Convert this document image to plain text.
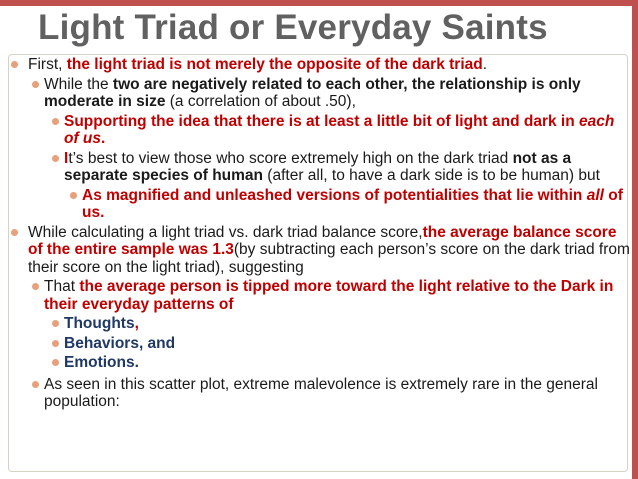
Light Triad or Everyday Saints
First, the light triad is not merely the opposite of the dark triad.
While the two are negatively related to each other, the relationship is only moderate in size (a correlation of about .50),
Supporting the idea that there is at least a little bit of light and dark in each of us.
It’s best to view those who score extremely high on the dark triad not as a separate species of human (after all, to have a dark side is to be human) but
As magnified and unleashed versions of potentialities that lie within all of us.
While calculating a light triad vs. dark triad balance score,the average balance score of the entire sample was 1.3(by subtracting each person’s score on the dark triad from their score on the light triad), suggesting
That the average person is tipped more toward the light relative to the Dark in their everyday patterns of
Thoughts,
Behaviors, and
Emotions.
As seen in this scatter plot, extreme malevolence is extremely rare in the general population:
